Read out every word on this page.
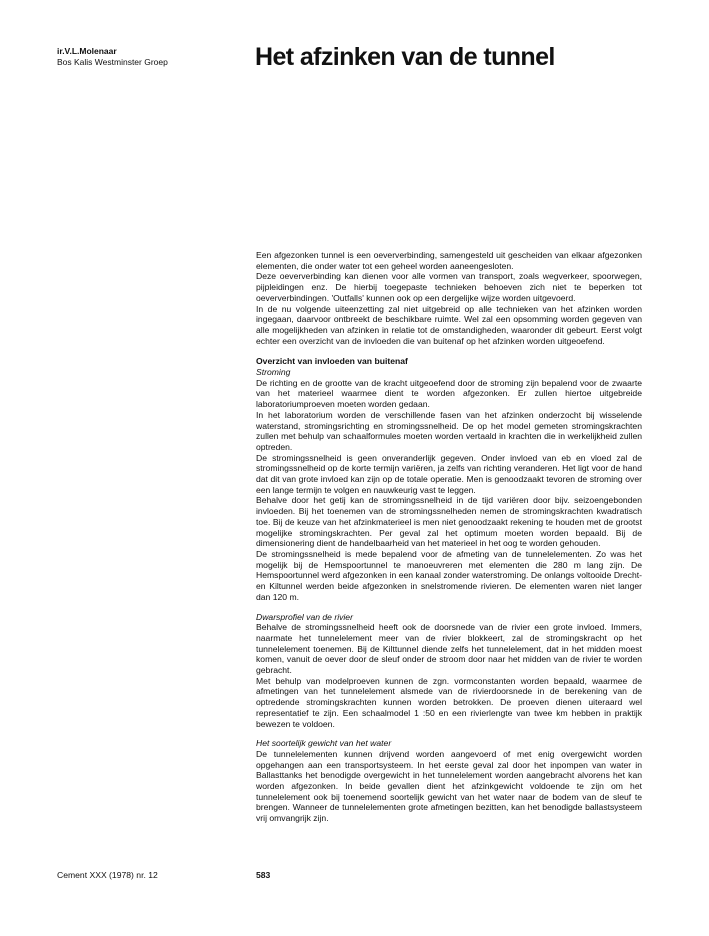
ir.V.L.Molenaar
Bos Kalis Westminster Groep	Het afzinken van de tunnel

Een afgezonken tunnel is een oeververbinding, samengesteld uit gescheiden van elkaar afgezonken elementen, die onder water tot een geheel worden aaneengesloten.

Deze oeververbinding kan dienen voor alle vormen van transport, zoals wegverkeer, spoorwegen, pijpleidingen enz. De hierbij toegepaste technieken behoeven zich niet te beperken tot oeververbindingen. 'Outfalls' kunnen ook op een dergelijke wijze worden uitgevoerd.

In de nu volgende uiteenzetting zal niet uitgebreid op alle technieken van het afzinken worden ingegaan, daarvoor ontbreekt de beschikbare ruimte. Wel zal een opsomming worden gegeven van alle mogelijkheden van afzinken in relatie tot de omstandigheden, waaronder dit gebeurt. Eerst volgt echter een overzicht van de invloeden die van buitenaf op het afzinken worden uitgeoefend.

Overzicht van invloeden van buitenaf

Stroming

De richting en de grootte van de kracht uitgeoefend door de stroming zijn bepalend voor de zwaarte van het materieel waarmee dient te worden afgezonken. Er zullen hiertoe uitgebreide laboratoriumproeven moeten worden gedaan.

In het laboratorium worden de verschillende fasen van het afzinken onderzocht bij wisselende waterstand, stromingsrichting en stromingssnelheid. De op het model gemeten stromingskrachten zullen met behulp van schaalformules moeten worden vertaald in krachten die in werkelijkheid zullen optreden.

De stromingssnelheid is geen onveranderlijk gegeven. Onder invloed van eb en vloed zal de stromingssnelheid op de korte termijn variëren, ja zelfs van richting veranderen. Het ligt voor de hand dat dit van grote invloed kan zijn op de totale operatie. Men is genoodzaakt tevoren de stroming over een lange termijn te volgen en nauwkeurig vast te leggen.

Behalve door het getij kan de stromingssnelheid in de tijd variëren door bijv. seizoengebonden invloeden. Bij het toenemen van de stromingssnelheden nemen de stromingskrachten kwadratisch toe. Bij de keuze van het afzinkmaterieel is men niet genoodzaakt rekening te houden met de grootst mogelijke stromingskrachten. Per geval zal het optimum moeten worden bepaald. Bij de dimensionering dient de handelbaarheid van het materieel in het oog te worden gehouden.

De stromingssnelheid is mede bepalend voor de afmeting van de tunnelelementen. Zo was het mogelijk bij de Hemspoortunnel te manoeuvreren met elementen die 280 m lang zijn. De Hemspoortunnel werd afgezonken in een kanaal zonder waterstroming. De onlangs voltooide Drecht- en Kiltunnel werden beide afgezonken in snelstromende rivieren. De elementen waren niet langer dan 120 m.

Dwarsprofiel van de rivier

Behalve de stromingssnelheid heeft ook de doorsnede van de rivier een grote invloed. Immers, naarmate het tunnelelement meer van de rivier blokkeert, zal de stromingskracht op het tunnelelement toenemen. Bij de Kilttunnel diende zelfs het tunnelelement, dat in het midden moest komen, vanuit de oever door de sleuf onder de stroom door naar het midden van de rivier te worden gebracht.

Met behulp van modelproeven kunnen de zgn. vormconstanten worden bepaald, waarmee de afmetingen van het tunnelelement alsmede van de rivierdoorsnede in de berekening van de optredende stromingskrachten kunnen worden betrokken. De proeven dienen uiteraard wel representatief te zijn. Een schaalmodel 1 :50 en een rivierlengte van twee km hebben in praktijk bewezen te voldoen.

Het soortelijk gewicht van het water

De tunnelelementen kunnen drijvend worden aangevoerd of met enig overgewicht worden opgehangen aan een transportsysteem. In het eerste geval zal door het inpompen van water in Ballasttanks het benodigde overgewicht in het tunnelelement worden aangebracht alvorens het kan worden afgezonken. In beide gevallen dient het afzinkgewicht voldoende te zijn om het tunnelelement ook bij toenemend soortelijk gewicht van het water naar de bodem van de sleuf te brengen. Wanneer de tunnelelementen grote afmetingen bezitten, kan het benodigde ballastsysteem vrij omvangrijk zijn.

Cement XXX (1978) nr. 12	583
